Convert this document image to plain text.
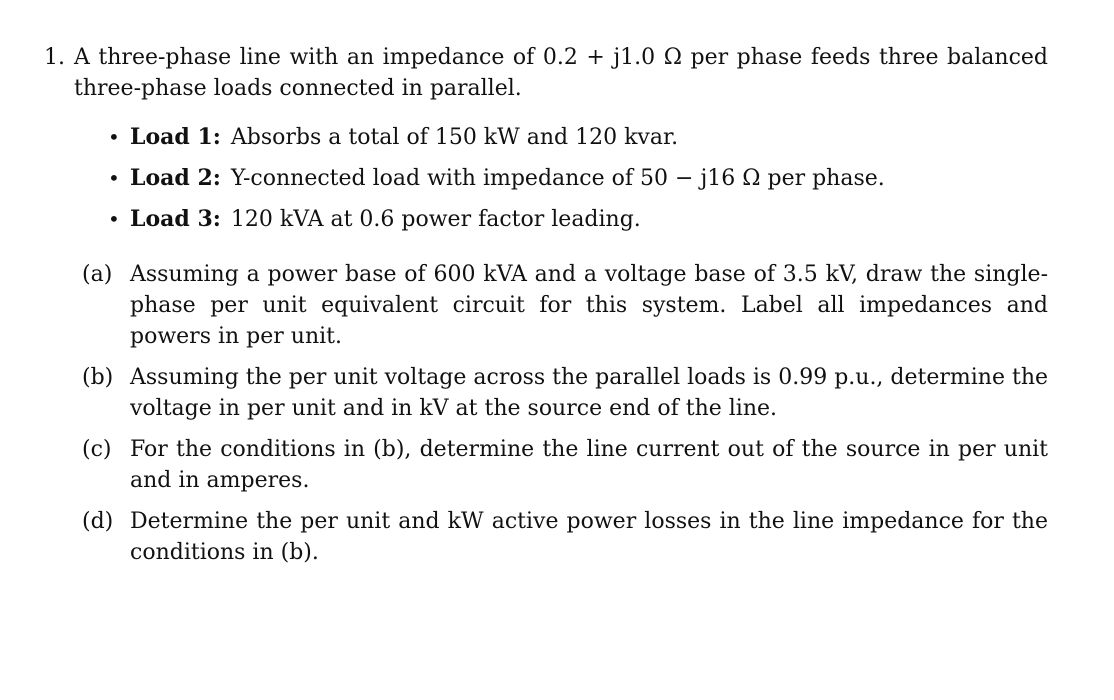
1. A three-phase line with an impedance of 0.2 + j1.0 Ω per phase feeds three balanced three-phase loads connected in parallel.
• Load 1: Absorbs a total of 150 kW and 120 kvar.
• Load 2: Y-connected load with impedance of 50 − j16 Ω per phase.
• Load 3: 120 kVA at 0.6 power factor leading.
(a) Assuming a power base of 600 kVA and a voltage base of 3.5 kV, draw the single-phase per unit equivalent circuit for this system. Label all impedances and powers in per unit.
(b) Assuming the per unit voltage across the parallel loads is 0.99 p.u., determine the voltage in per unit and in kV at the source end of the line.
(c) For the conditions in (b), determine the line current out of the source in per unit and in amperes.
(d) Determine the per unit and kW active power losses in the line impedance for the conditions in (b).
